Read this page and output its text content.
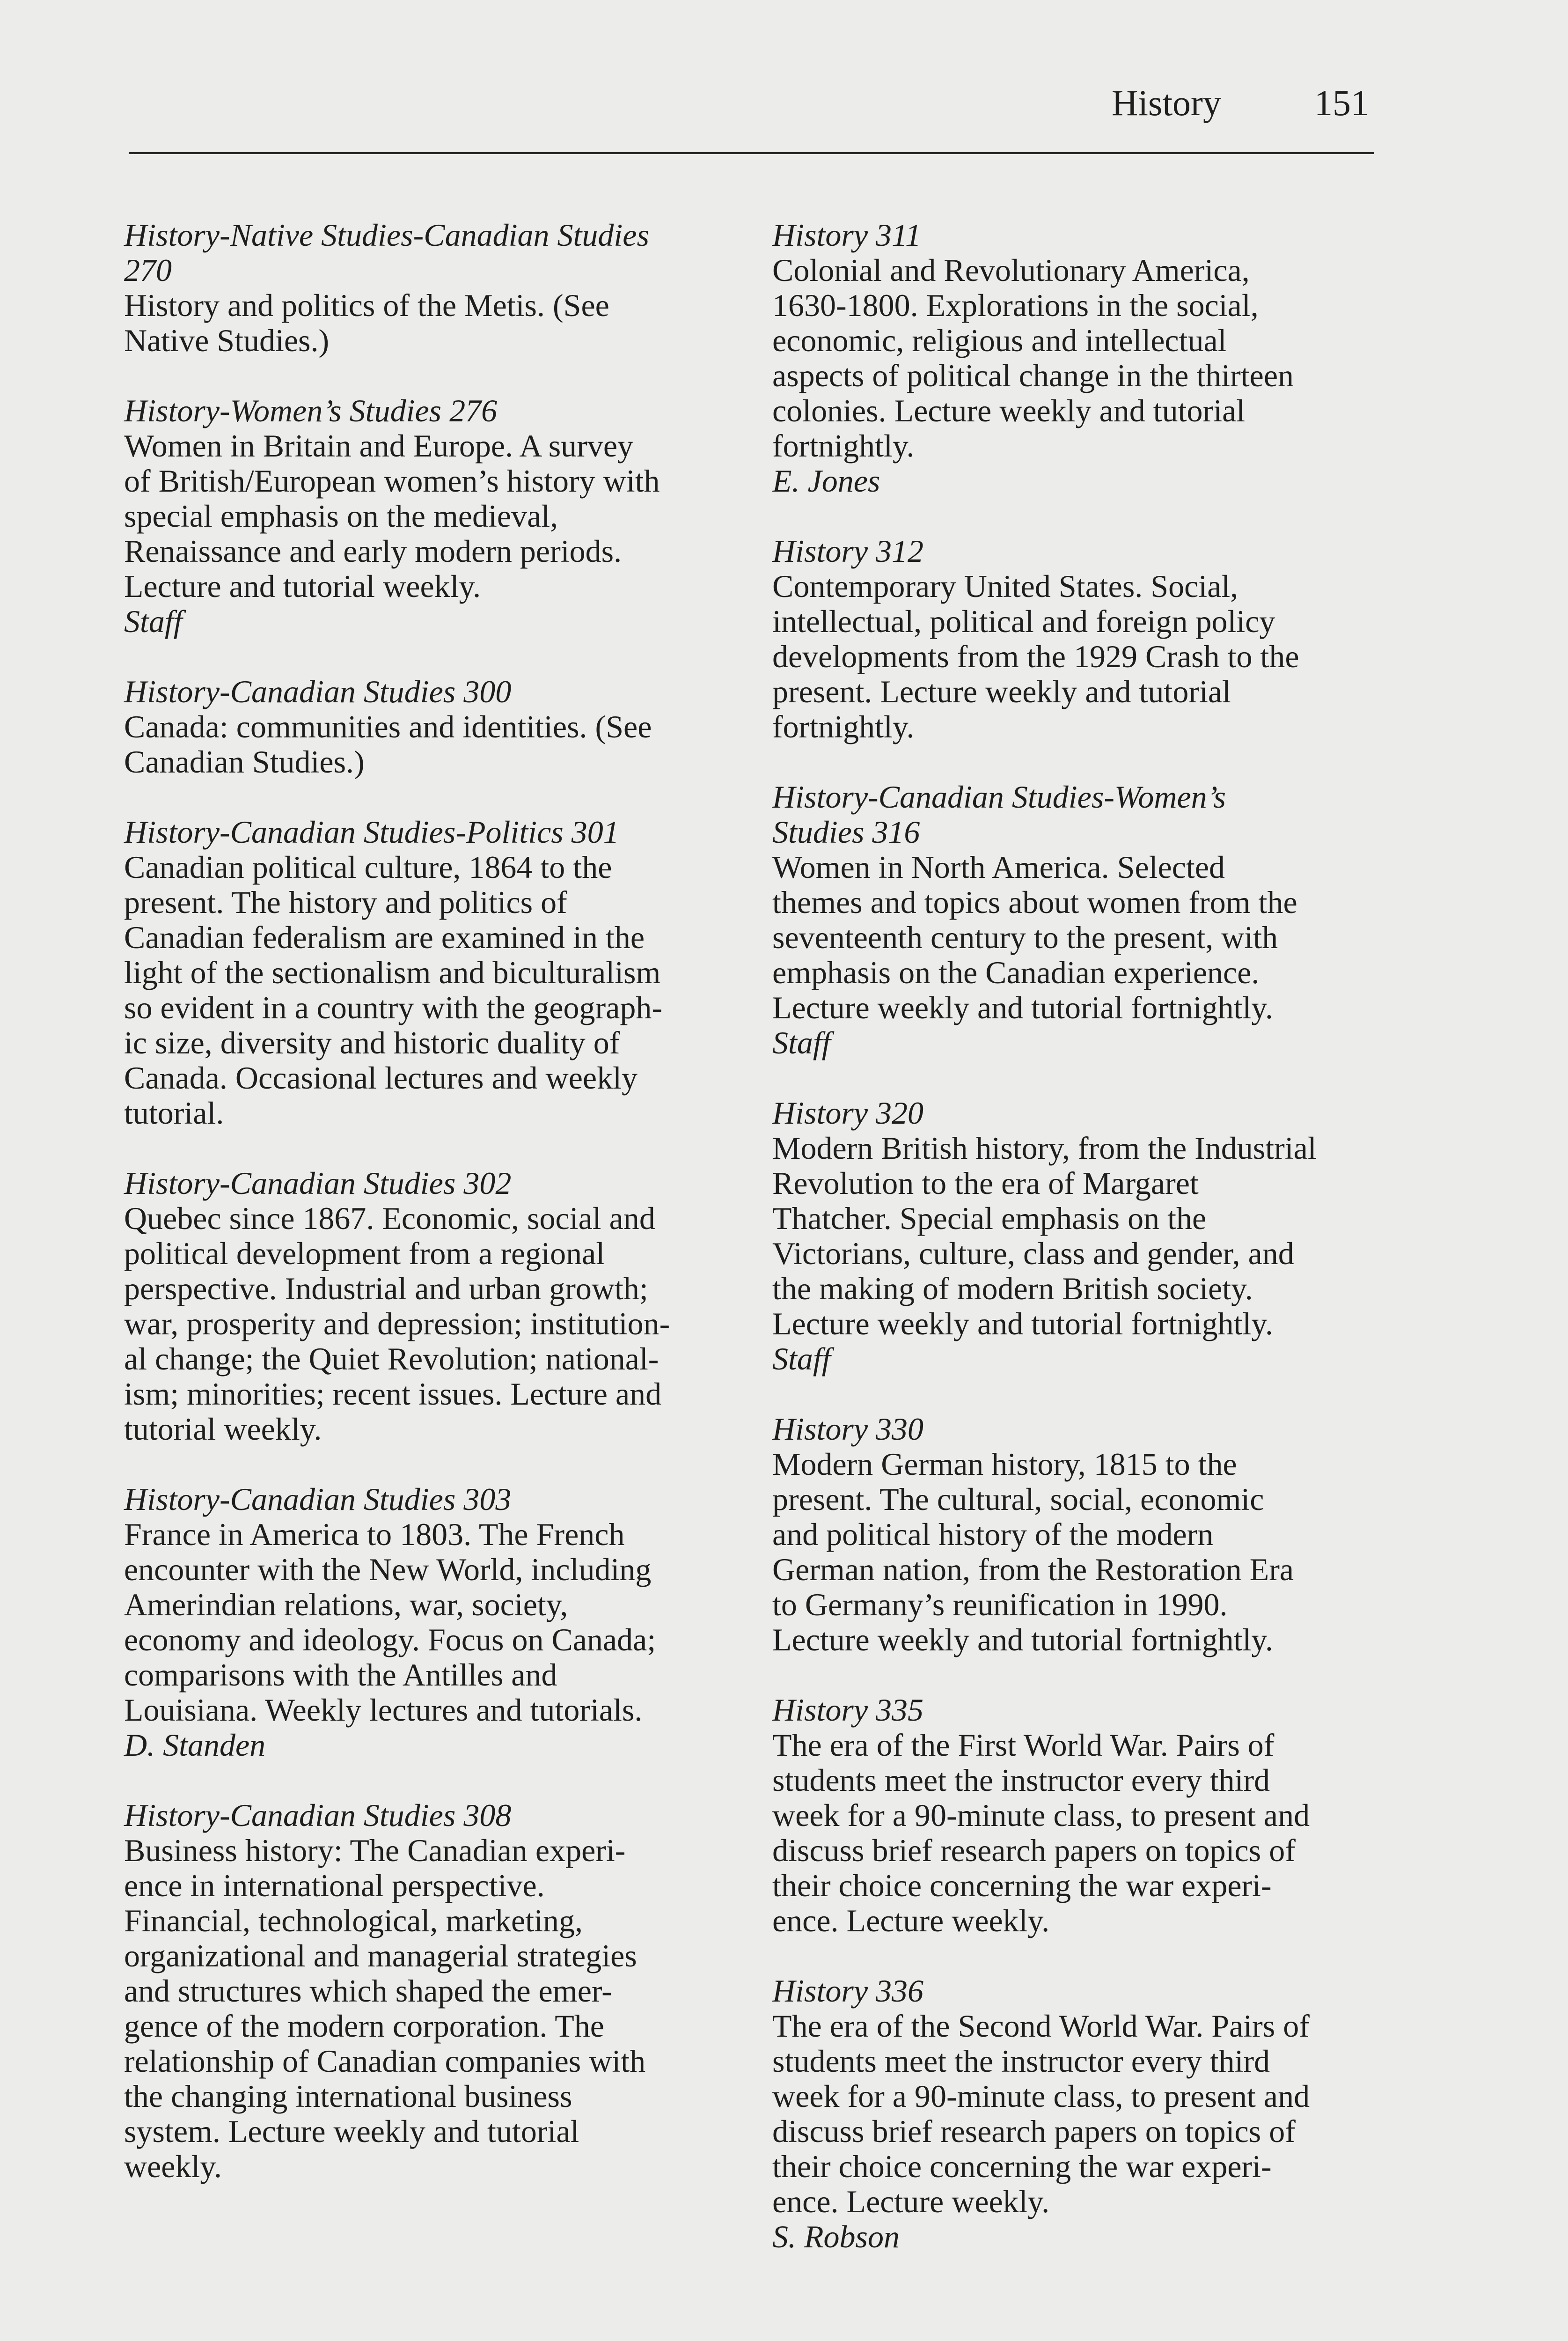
History	151
History-Native Studies-Canadian Studies
270
History and politics of the Metis. (See
Native Studies.)
History-Women’s Studies 276
Women in Britain and Europe. A survey
of British/European women’s history with
special emphasis on the medieval,
Renaissance and early modern periods.
Lecture and tutorial weekly.
Staff
History-Canadian Studies 300
Canada: communities and identities. (See
Canadian Studies.)
History-Canadian Studies-Politics 301
Canadian political culture, 1864 to the
present. The history and politics of
Canadian federalism are examined in the
light of the sectionalism and biculturalism
so evident in a country with the geograph-
ic size, diversity and historic duality of
Canada. Occasional lectures and weekly
tutorial.
History-Canadian Studies 302
Quebec since 1867. Economic, social and
political development from a regional
perspective. Industrial and urban growth;
war, prosperity and depression; institution-
al change; the Quiet Revolution; national-
ism; minorities; recent issues. Lecture and
tutorial weekly.
History-Canadian Studies 303
France in America to 1803. The French
encounter with the New World, including
Amerindian relations, war, society,
economy and ideology. Focus on Canada;
comparisons with the Antilles and
Louisiana. Weekly lectures and tutorials.
D. Standen
History-Canadian Studies 308
Business history: The Canadian experi-
ence in international perspective.
Financial, technological, marketing,
organizational and managerial strategies
and structures which shaped the emer-
gence of the modern corporation. The
relationship of Canadian companies with
the changing international business
system. Lecture weekly and tutorial
weekly.
History 311
Colonial and Revolutionary America,
1630-1800. Explorations in the social,
economic, religious and intellectual
aspects of political change in the thirteen
colonies. Lecture weekly and tutorial
fortnightly.
E. Jones
History 312
Contemporary United States. Social,
intellectual, political and foreign policy
developments from the 1929 Crash to the
present. Lecture weekly and tutorial
fortnightly.
History-Canadian Studies-Women’s
Studies 316
Women in North America. Selected
themes and topics about women from the
seventeenth century to the present, with
emphasis on the Canadian experience.
Lecture weekly and tutorial fortnightly.
Staff
History 320
Modern British history, from the Industrial
Revolution to the era of Margaret
Thatcher. Special emphasis on the
Victorians, culture, class and gender, and
the making of modern British society.
Lecture weekly and tutorial fortnightly.
Staff
History 330
Modern German history, 1815 to the
present. The cultural, social, economic
and political history of the modern
German nation, from the Restoration Era
to Germany’s reunification in 1990.
Lecture weekly and tutorial fortnightly.
History 335
The era of the First World War. Pairs of
students meet the instructor every third
week for a 90-minute class, to present and
discuss brief research papers on topics of
their choice concerning the war experi-
ence. Lecture weekly.
History 336
The era of the Second World War. Pairs of
students meet the instructor every third
week for a 90-minute class, to present and
discuss brief research papers on topics of
their choice concerning the war experi-
ence. Lecture weekly.
S. Robson
